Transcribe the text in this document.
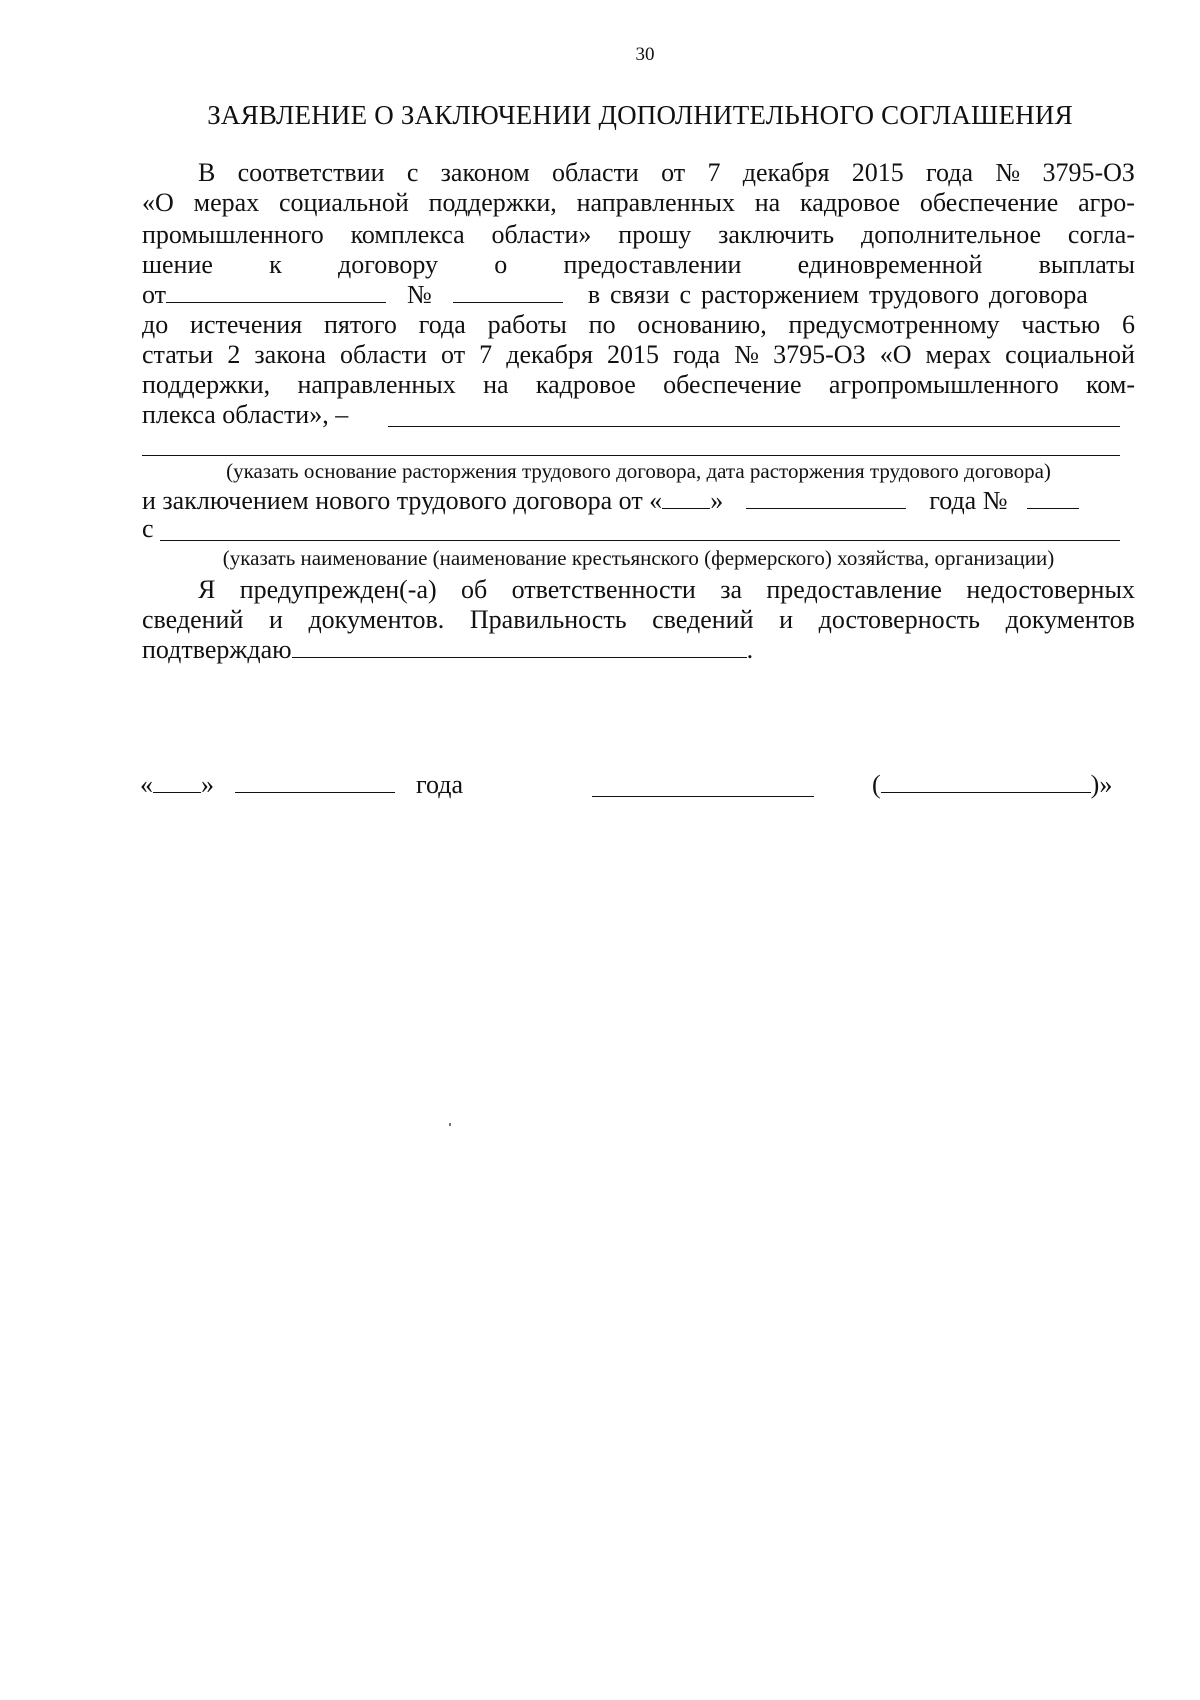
30
ЗАЯВЛЕНИЕ О ЗАКЛЮЧЕНИИ ДОПОЛНИТЕЛЬНОГО СОГЛАШЕНИЯ
В соответствии с законом области от 7 декабря 2015 года № 3795-ОЗ
«О мерах социальной поддержки, направленных на кадровое обеспечение агро-
промышленного комплекса области» прошу заключить дополнительное согла-
шение к договору о предоставлении единовременной выплаты
от	№	в связи с расторжением трудового договора
до истечения пятого года работы по основанию, предусмотренному частью 6
статьи 2 закона области от 7 декабря 2015 года № 3795-ОЗ «О мерах социальной
поддержки, направленных на кадровое обеспечение агропромышленного ком-
плекса области», –
(указать основание расторжения трудового договора, дата расторжения трудового договора)
и заключением нового трудового договора от « »	года №
с
(указать наименование (наименование крестьянского (фермерского) хозяйства, организации)
Я предупрежден(-а) об ответственности за предоставление недостоверных
сведений и документов. Правильность сведений и достоверность документов
подтверждаю	.
« »	года	(	)»
